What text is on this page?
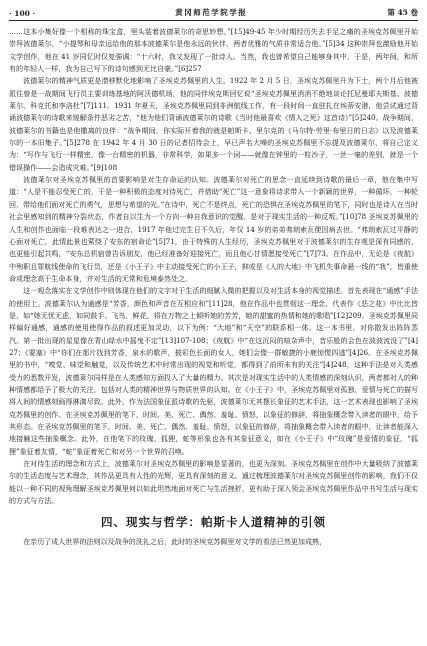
· 100 ·	黄冈师范学院学报	第 45 卷

……这本小集好像一个相称的珠宝盒，里头装着波德莱尔的奇思妙想。”[15]49-45 年少时期经历失去手足之痛的圣埃克苏佩里开始崇拜波德莱尔，“小提琴和母亲远给他的那本波德莱尔是他永远的伙伴，两者优雅的气质非常适合他。”[5]34 这种崇拜也激励他开始文学创作，他在 41 岁同忆时仅复强调：“十六时，我又发现了一批诗人。当然，我也曾希望自己能够身其中，于是，两年间，和所有的年轻人一样，我为自己写下的诗句感到无比自豪。”[6]257

波德莱尔的精神气质更是潜移默化地影响了圣埃克苏佩里的人生。1922 年 2 月 5 日，圣埃克苏佩里升为下士，两个月后他被派往曾是一战期间飞行员主要训练基地的阿沃德机场，他的同伴埃克斯回忆说“圣埃克苏佩里消消不绝地谈论托尼曼耶夫斯基、波德莱尔、科克托和李洛杜”[7]111。1931 年夏天，圣埃克苏佩里同到非洲航线工作，有一段时间一直驻扎在埃蒂安港，他尝试通过背诵波德莱尔的诗歌来缓解条件恶劣之苦，“他为他们背诵波德莱尔的诗歌《当时他最喜欢《情人之死》这首诗》”[5]240。战争期间，波德莱尔的书籍也是他撒离的良伴：“战争期间，你实际开着我的就是帕斯卡、里尔克的《马尔特·劳里·布里日的日志》以及波德莱尔的一本旧集子。”[5]278 在 1942 年 4 月 30 日的记者招待会上，早已声名大噪的圣埃克苏佩里不忘提及波德莱尔，将自己定义为：“写作与飞行一样精密，像一台精密的机器，非常科学，如果多一个词——就像在钟里的一粒沙子，一丝一毫的差别，就是一个错误操作——会造成灾难。”[9]108

波德莱尔对圣埃克苏佩里的首要影响是对生存命运的认知。波德莱尔对死亡的思念一直延续到诗歌的最后一章，他在集中写道：“人是不能忍受死亡的，于是一种积极的态度对待死亡，并借助“死亡”这一意象将诗求带入一个新颖的世界，一种循环，一种轮回，带给他们面对死亡的勇气，思想与希望的光。”在诗中，死亡不是终点，死亡的恐惧在圣埃克苏佩里的笔下，同时也是诗人在当时社会里感知到的精神分裂状态，作者自以生为一个方向一种自我意识的觉醒，是对于现实生活的一种反叛。”[10]78 圣埃克苏佩里的人生和创作也面临一段难表达之一进合，1917 年他过完生日不久后，年仅 14 岁的弟弟弗朗索瓦便因病去世。“弗朗索瓦过平静的心面对死亡，此情此景也萦绕了安东的宿命论”[5]71，由于特殊的人生经历，圣埃克苏佩里对于波德莱尔的生存观是深有同感的，也更能引起共鸣，“安东总机宿曾告诉朋友，他已经准备好迎接死亡，而且他心甘情愿接受死亡”[7]73。在作品中，无论是《夜航》中殉职且罪航线使命的飞行员，还是《小王子》中主动接受死亡的小王子，抑或是《人的大地》中飞机失事命悬一线的“我”，皆重使命或理念高于生命本身，并对生活的无常和危境泰然处之。

这一观念落实在文学创作中则体现在他们的文字对于生活的细腻入微的把握以及对生活本身的视觉描述。首先表现在“通感”手法的使用上。波德莱尔认为通感是“芳香，颜色和声音在互相应和”[11]28，他在作品中也贯彻这一理念，代表作《恶之花》中比比皆是，如“她无忧无虑，如同鼓手、飞鸟，鲜花，将在万物之上倾听她的芳芳，她的甜蜜的热情和她的歌唱”[12]209。圣埃克苏佩里同样偏好通感，通感的使用使得作品的叙述更加灵动，以下为例：“大地”和“天空”的联系相一体。这一本书里，对你散发出阵阵蒸汽。第一批出现的星星像在青山绿水中摇曳不定”[13]107-108；《夜航》中“在这沉闷的喧杂声中，音乐般的会色在波波流没了”[4]27；《要塞》中“你们在那片找到芳香，泉水的歌声，披彩色长面的女人，她们会像一群敏捷的小鹿惊慌四逃”[4]26。在圣埃克苏佩里的书中，“嗅觉、味觉和触觉，以及传统艺术中时常出现的视觉和听觉，都得到了前所未有的关注”[4]248，这种手法是对人类感受力的悉数开发，波德莱尔同样是在人类感知方面投入了大量的精力。其次是对现实生活中的人类情感的深刻认识，两者都对人的种种情感都给予了极大的关注，包括对人类的精神世界与物质世界的认知。在《小王子》中，圣埃克苏佩里对孤独、爱情与死亡的描写将人间的情感刻画得淋漓尽致。此外，作为法国象征派诗歌的先驱，波德莱尔无其摆长象征的艺术手法，这一艺术表现也影响了圣埃克苏佩里的创作。在圣埃克苏佩里的笔下，时间、美、死亡、偶然、羞耻、愤怒，以象征的修辞，将抽象概念带入读者的眼中，给予其形态。在圣埃克苏佩里的笔下，时间、美、死亡、偶然、羞耻、愤怒，以象征的修辞，将抽象概念带入读者的眼中，让读者能深入地接触这些抽象概念。此外，在他笔下的玫瑰、狐狸，蛇等形象也各有其象征意义，如在《小王子》中“玫瑰”是爱情的象征，“狐狸”象征着友情，“蛇”象征着死亡和对另一个世界的召唤。

在对待生活的理念和方式上，波德莱尔对圣埃克苏佩里的影响是显著的，也更为深刻。圣埃克苏佩里在创作中大量吸纳了波德莱尔的生活态度与艺术理念，其作品更具有人性的光辉，更具有深刻的意义。通过梳理波德莱尔对圣埃克苏佩里创作的影响，我们不仅能以一种不同的视角理解圣埃克苏佩里何以如此坦然地面对死亡与生活挫折，更有助于深入领会圣埃克苏佩里作品中书写生活与现实的方式与方法。

四、现实与哲学：帕斯卡人道精神的引领

在亲历了成人世界的法则以及战争的洗礼之后，此时的圣埃克苏佩里对文学的看法已然更加成熟，
